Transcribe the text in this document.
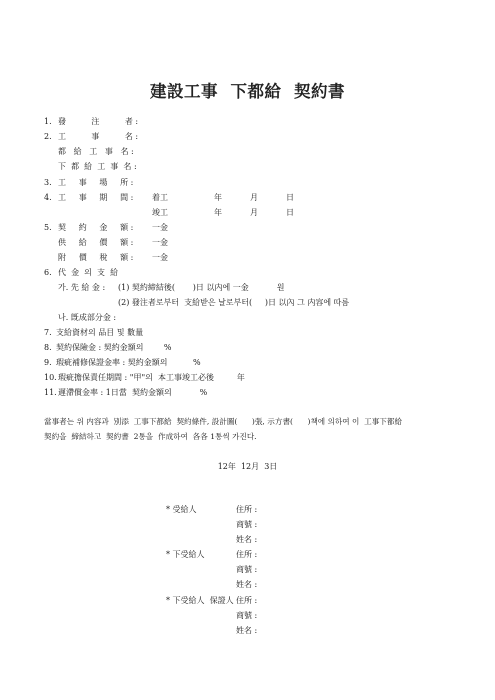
建設工事  下都給  契約書
1. 發          注          者 :
2. 工          事          名 :
都   給   工   事   名 :
下  都  給  工  事  名 :
3. 工     事     場     所 :
4. 工     事     期     間 : 着工	年	月	日
竣工	年	月	日
5. 契     約     金     額 : 一金
供     給     價     額 : 一金
附     價     稅     額 : 一金
6. 代  金  의  支  給
가. 先 給 金 : (1) 契約締結後(       )日 以内에 一金           원
(2) 發注者로부터  支給받은 날로부터(     )日 以內 그 内容에 따름
나. 旣成部分金 :
7. 支給資材의 品目 및 數量
8. 契約保險金 : 契約金額의        %
9. 瑕疵補修保證金率 : 契約金額의          %
10. 瑕疵擔保責任期間 : "甲"의  本工事竣工必後         年
11. 遲滯償金率 : 1日當  契約金額의           %
當事者는 위 内容과  別添  工事下都給  契約條件, 設計圖(      )張, 示方書(      )책에 의하여 이  工事下都給
契約을  締結하고  契約書  2통을  作成하여  各各 1통씩 가진다.
12年  12月  3日
* 受給人	住所 :
商號 :
姓名 :
* 下受給人	住所 :
商號 :
姓名 :
* 下受給人  保證人 住所 :
商號 :
姓名 :
